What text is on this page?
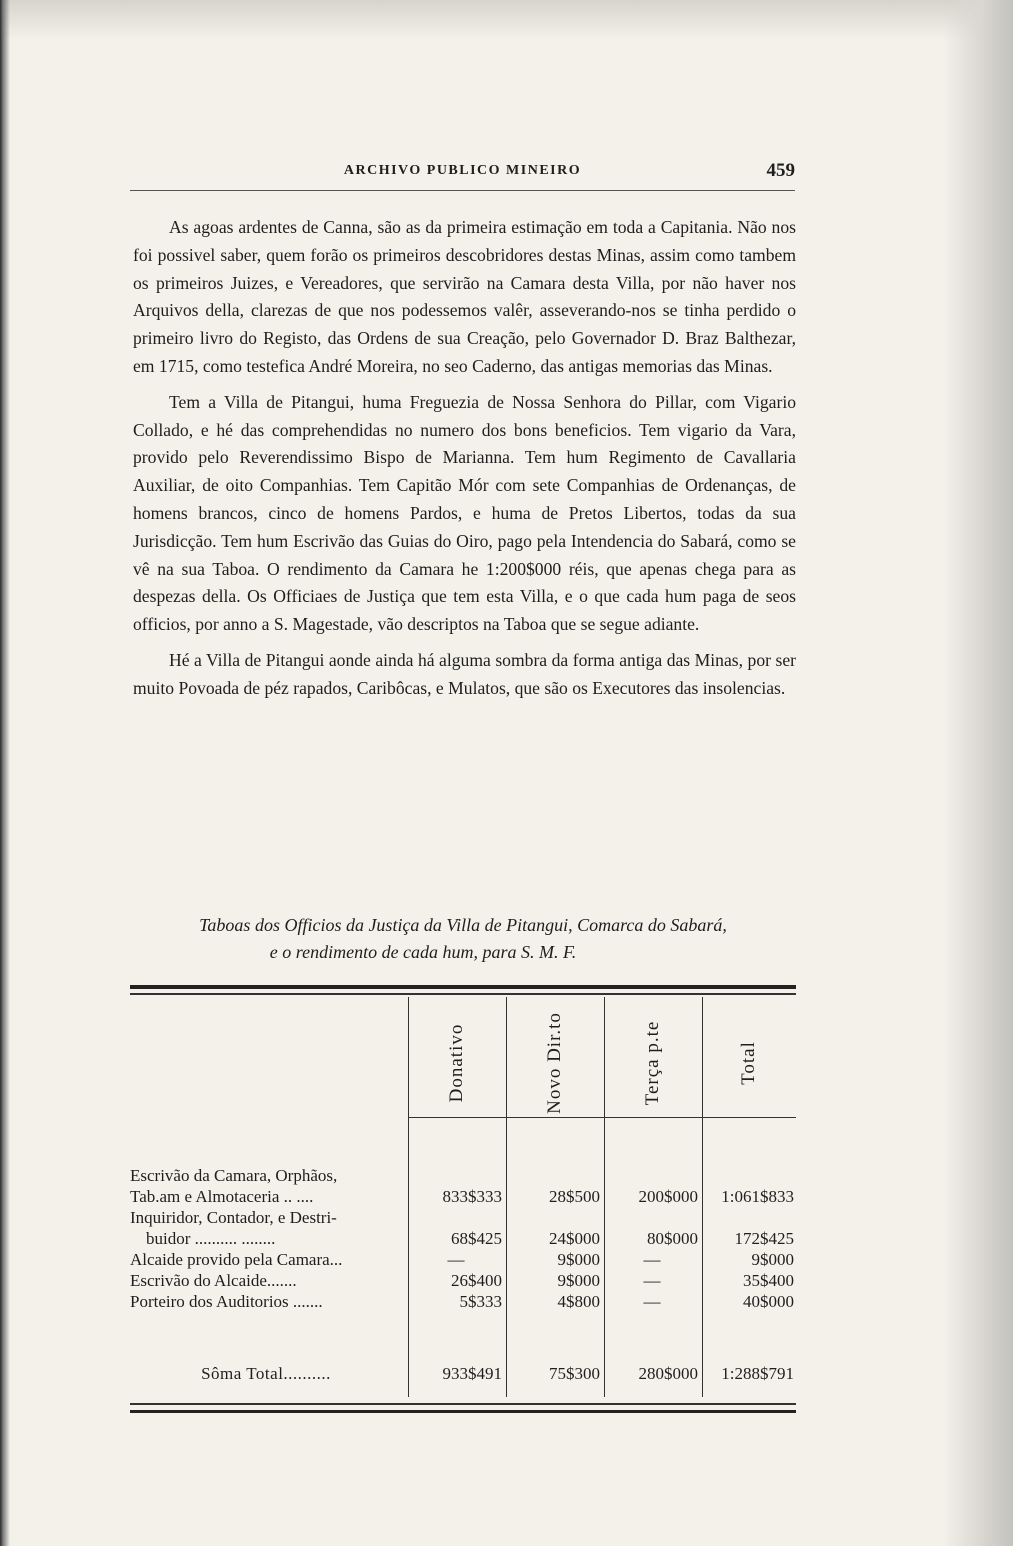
ARCHIVO PUBLICO MINEIRO	459

As agoas ardentes de Canna, são as da primeira estimação em toda a Capitania. Não nos foi possivel saber, quem forão os primeiros descobridores destas Minas, assim como tambem os primeiros Juizes, e Vereadores, que servirão na Camara desta Villa, por não haver nos Arquivos della, clarezas de que nos podessemos valêr, asseverando-nos se tinha perdido o primeiro livro do Registo, das Ordens de sua Creação, pelo Governador D. Braz Balthezar, em 1715, como testefica André Moreira, no seo Caderno, das antigas memorias das Minas.

Tem a Villa de Pitangui, huma Freguezia de Nossa Senhora do Pillar, com Vigario Collado, e hé das comprehendidas no numero dos bons beneficios. Tem vigario da Vara, provido pelo Reverendissimo Bispo de Marianna. Tem hum Regimento de Cavallaria Auxiliar, de oito Companhias. Tem Capitão Mór com sete Companhias de Ordenanças, de homens brancos, cinco de homens Pardos, e huma de Pretos Libertos, todas da sua Jurisdicção. Tem hum Escrivão das Guias do Oiro, pago pela Intendencia do Sabará, como se vê na sua Taboa. O rendimento da Camara he 1:200$000 réis, que apenas chega para as despezas della. Os Officiaes de Justiça que tem esta Villa, e o que cada hum paga de seos officios, por anno a S. Magestade, vão descriptos na Taboa que se segue adiante.

Hé a Villa de Pitangui aonde ainda há alguma sombra da forma antiga das Minas, por ser muito Povoada de péz rapados, Caribôcas, e Mulatos, que são os Executores das insolencias.

Taboas dos Officios da Justiça da Villa de Pitangui, Comarca do Sabará,
e o rendimento de cada hum, para S. M. F.
Donativo	Novo Dir.to	Terça p.te	Total
Escrivão da Camara, Orphãos,
Tab.am e Almotaceria .. ....	833$333	28$500	200$000	1:061$833
Inquiridor, Contador, e Destri-
buidor .......... ........	68$425	24$000	80$000	172$425
Alcaide provido pela Camara...	—	9$000	—	9$000
Escrivão do Alcaide.......	26$400	9$000	—	35$400
Porteiro dos Auditorios .......	5$333	4$800	—	40$000
Sôma Total..........	933$491	75$300	280$000	1:288$791
